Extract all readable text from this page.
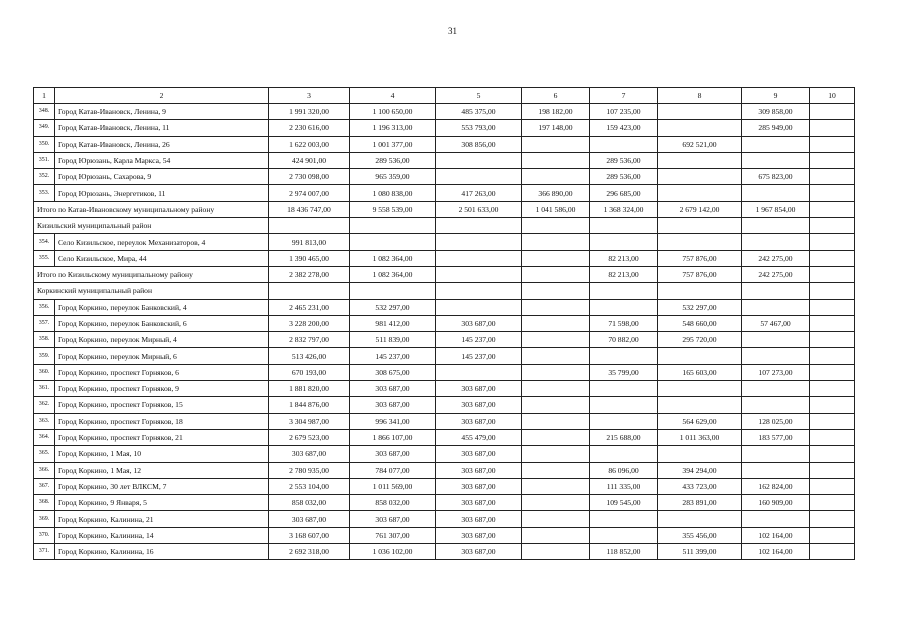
31
1	2	3	4	5	6	7	8	9	10
348.	Город Катав-Ивановск, Ленина, 9	1 991 320,00	1 100 650,00	485 375,00	198 182,00	107 235,00		309 858,00	
349.	Город Катав-Ивановск, Ленина, 11	2 230 616,00	1 196 313,00	553 793,00	197 148,00	159 423,00		285 949,00	
350.	Город Катав-Ивановск, Ленина, 26	1 622 003,00	1 001 377,00	308 856,00			692 521,00		
351.	Город Юрюзань, Карла Маркса, 54	424 901,00	289 536,00			289 536,00			
352.	Город Юрюзань, Сахарова, 9	2 730 098,00	965 359,00			289 536,00		675 823,00	
353.	Город Юрюзань, Энергетиков, 11	2 974 007,00	1 080 838,00	417 263,00	366 890,00	296 685,00			
Итого по Катав-Ивановскому муниципальному району		18 436 747,00	9 558 539,00	2 501 633,00	1 041 586,00	1 368 324,00	2 679 142,00	1 967 854,00	
Кизильский муниципальный район									
354.	Село Кизильское, переулок Механизаторов, 4	991 813,00							
355.	Село Кизильское, Мира, 44	1 390 465,00	1 082 364,00			82 213,00	757 876,00	242 275,00	
Итого по Кизильскому муниципальному району		2 382 278,00	1 082 364,00			82 213,00	757 876,00	242 275,00	
Коркинский муниципальный район									
356.	Город Коркино, переулок Банковский, 4	2 465 231,00	532 297,00				532 297,00		
357.	Город Коркино, переулок Банковский, 6	3 228 200,00	981 412,00	303 687,00		71 598,00	548 660,00	57 467,00	
358.	Город Коркино, переулок Мирный, 4	2 832 797,00	511 839,00	145 237,00		70 882,00	295 720,00		
359.	Город Коркино, переулок Мирный, 6	513 426,00	145 237,00	145 237,00					
360.	Город Коркино, проспект Горняков, 6	670 193,00	308 675,00			35 799,00	165 603,00	107 273,00	
361.	Город Коркино, проспект Горняков, 9	1 881 820,00	303 687,00	303 687,00					
362.	Город Коркино, проспект Горняков, 15	1 844 876,00	303 687,00	303 687,00					
363.	Город Коркино, проспект Горняков, 18	3 304 987,00	996 341,00	303 687,00			564 629,00	128 025,00	
364.	Город Коркино, проспект Горняков, 21	2 679 523,00	1 866 107,00	455 479,00		215 688,00	1 011 363,00	183 577,00	
365.	Город Коркино, 1 Мая, 10	303 687,00	303 687,00	303 687,00					
366.	Город Коркино, 1 Мая, 12	2 780 935,00	784 077,00	303 687,00		86 096,00	394 294,00		
367.	Город Коркино, 30 лет ВЛКСМ, 7	2 553 104,00	1 011 569,00	303 687,00		111 335,00	433 723,00	162 824,00	
368.	Город Коркино, 9 Января, 5	858 032,00	858 032,00	303 687,00		109 545,00	283 891,00	160 909,00	
369.	Город Коркино, Калинина, 21	303 687,00	303 687,00	303 687,00					
370.	Город Коркино, Калинина, 14	3 168 607,00	761 307,00	303 687,00			355 456,00	102 164,00	
371.	Город Коркино, Калинина, 16	2 692 318,00	1 036 102,00	303 687,00		118 852,00	511 399,00	102 164,00	
